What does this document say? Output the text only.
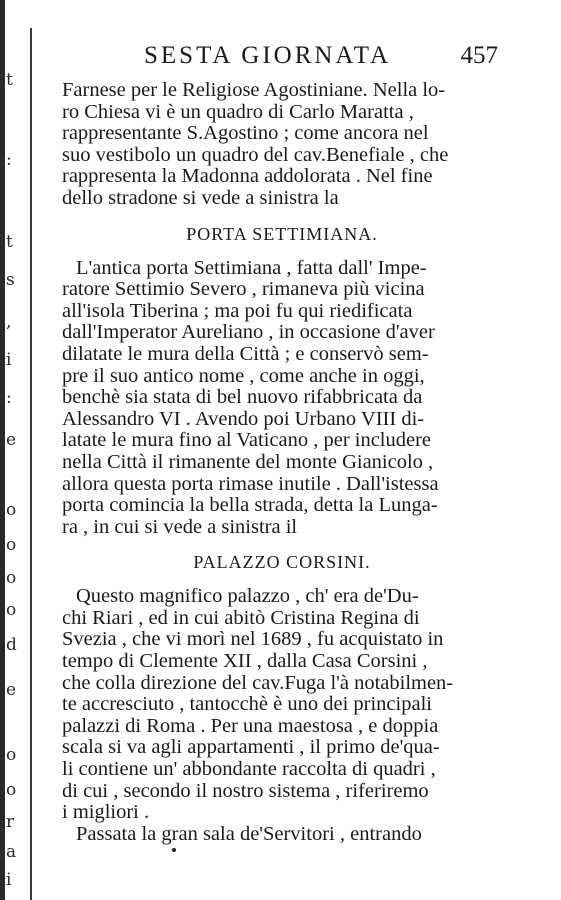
t
:
t
s
,
i
:
e
o
o
o
o
d
e
o
o
r
a
i
SESTA GIORNATA	457
Farnese per le Religiose Agostiniane. Nella lo-
ro Chiesa vi è un quadro di Carlo Maratta ,
rappresentante S.Agostino ; come ancora nel
suo vestibolo un quadro del cav.Benefiale , che
rappresenta la Madonna addolorata . Nel fine
dello stradone si vede a sinistra la
PORTA SETTIMIANA.
L'antica porta Settimiana , fatta dall' Impe-
ratore Settimio Severo , rimaneva più vicina
all'isola Tiberina ; ma poi fu qui riedificata
dall'Imperator Aureliano , in occasione d'aver
dilatate le mura della Città ; e conservò sem-
pre il suo antico nome , come anche in oggi,
benchè sia stata di bel nuovo rifabbricata da
Alessandro VI . Avendo poi Urbano VIII di-
latate le mura fino al Vaticano , per includere
nella Città il rimanente del monte Gianicolo ,
allora questa porta rimase inutile . Dall'istessa
porta comincia la bella strada, detta la Lunga-
ra , in cui si vede a sinistra il
PALAZZO CORSINI.
Questo magnifico palazzo , ch' era de'Du-
chi Riari , ed in cui abitò Cristina Regina di
Svezia , che vi morì nel 1689 , fu acquistato in
tempo di Clemente XII , dalla Casa Corsini ,
che colla direzione del cav.Fuga l'à notabilmen-
te accresciuto , tantocchè è uno dei principali
palazzi di Roma . Per una maestosa , e doppia
scala si va agli appartamenti , il primo de'qua-
li contiene un' abbondante raccolta di quadri ,
di cui , secondo il nostro sistema , riferiremo
i migliori .
Passata la gran sala de'Servitori , entrando
